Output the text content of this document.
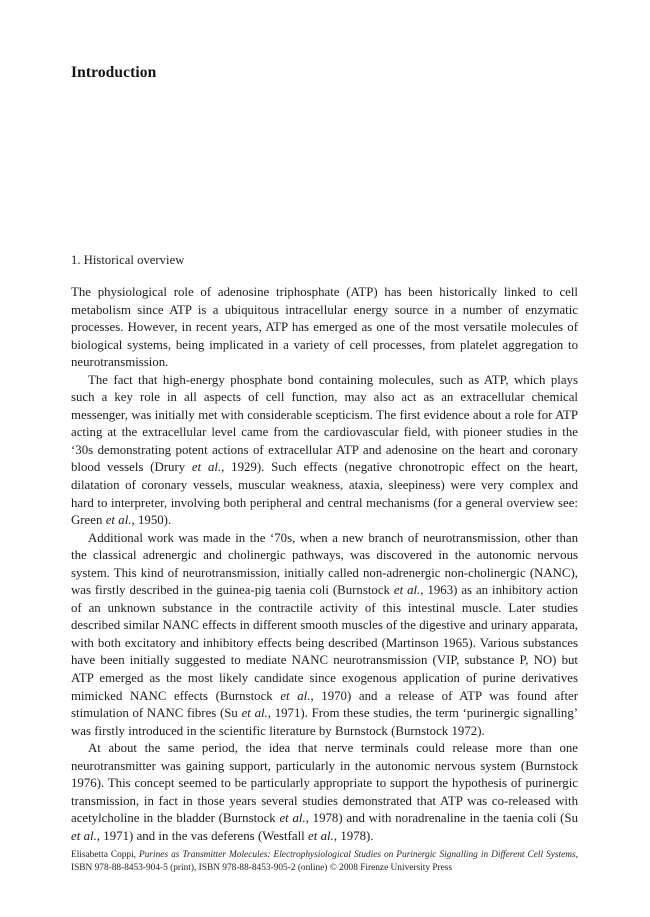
Introduction
1. Historical overview

The physiological role of adenosine triphosphate (ATP) has been historically linked to cell metabolism since ATP is a ubiquitous intracellular energy source in a number of enzymatic processes. However, in recent years, ATP has emerged as one of the most versatile molecules of biological systems, being implicated in a variety of cell processes, from platelet aggregation to neurotransmission.

The fact that high-energy phosphate bond containing molecules, such as ATP, which plays such a key role in all aspects of cell function, may also act as an extracellular chemical messenger, was initially met with considerable scepticism. The first evidence about a role for ATP acting at the extracellular level came from the cardiovascular field, with pioneer studies in the ‘30s demonstrating potent actions of extracellular ATP and adenosine on the heart and coronary blood vessels (Drury et al., 1929). Such effects (negative chronotropic effect on the heart, dilatation of coronary vessels, muscular weakness, ataxia, sleepiness) were very complex and hard to interpreter, involving both peripheral and central mechanisms (for a general overview see: Green et al., 1950).

Additional work was made in the ‘70s, when a new branch of neurotransmission, other than the classical adrenergic and cholinergic pathways, was discovered in the autonomic nervous system. This kind of neurotransmission, initially called non-adrenergic non-cholinergic (NANC), was firstly described in the guinea-pig taenia coli (Burnstock et al., 1963) as an inhibitory action of an unknown substance in the contractile activity of this intestinal muscle. Later studies described similar NANC effects in different smooth muscles of the digestive and urinary apparata, with both excitatory and inhibitory effects being described (Martinson 1965). Various substances have been initially suggested to mediate NANC neurotransmission (VIP, substance P, NO) but ATP emerged as the most likely candidate since exogenous application of purine derivatives mimicked NANC effects (Burnstock et al., 1970) and a release of ATP was found after stimulation of NANC fibres (Su et al., 1971). From these studies, the term ‘purinergic signalling’ was firstly introduced in the scientific literature by Burnstock (Burnstock 1972).

At about the same period, the idea that nerve terminals could release more than one neurotransmitter was gaining support, particularly in the autonomic nervous system (Burnstock 1976). This concept seemed to be particularly appropriate to support the hypothesis of purinergic transmission, in fact in those years several studies demonstrated that ATP was co-released with acetylcholine in the bladder (Burnstock et al., 1978) and with noradrenaline in the taenia coli (Su et al., 1971) and in the vas deferens (Westfall et al., 1978).

Elisabetta Coppi, Purines as Transmitter Molecules: Electrophysiological Studies on Purinergic Signalling in Different Cell Systems, ISBN 978-88-8453-904-5 (print), ISBN 978-88-8453-905-2 (online) © 2008 Firenze University Press
